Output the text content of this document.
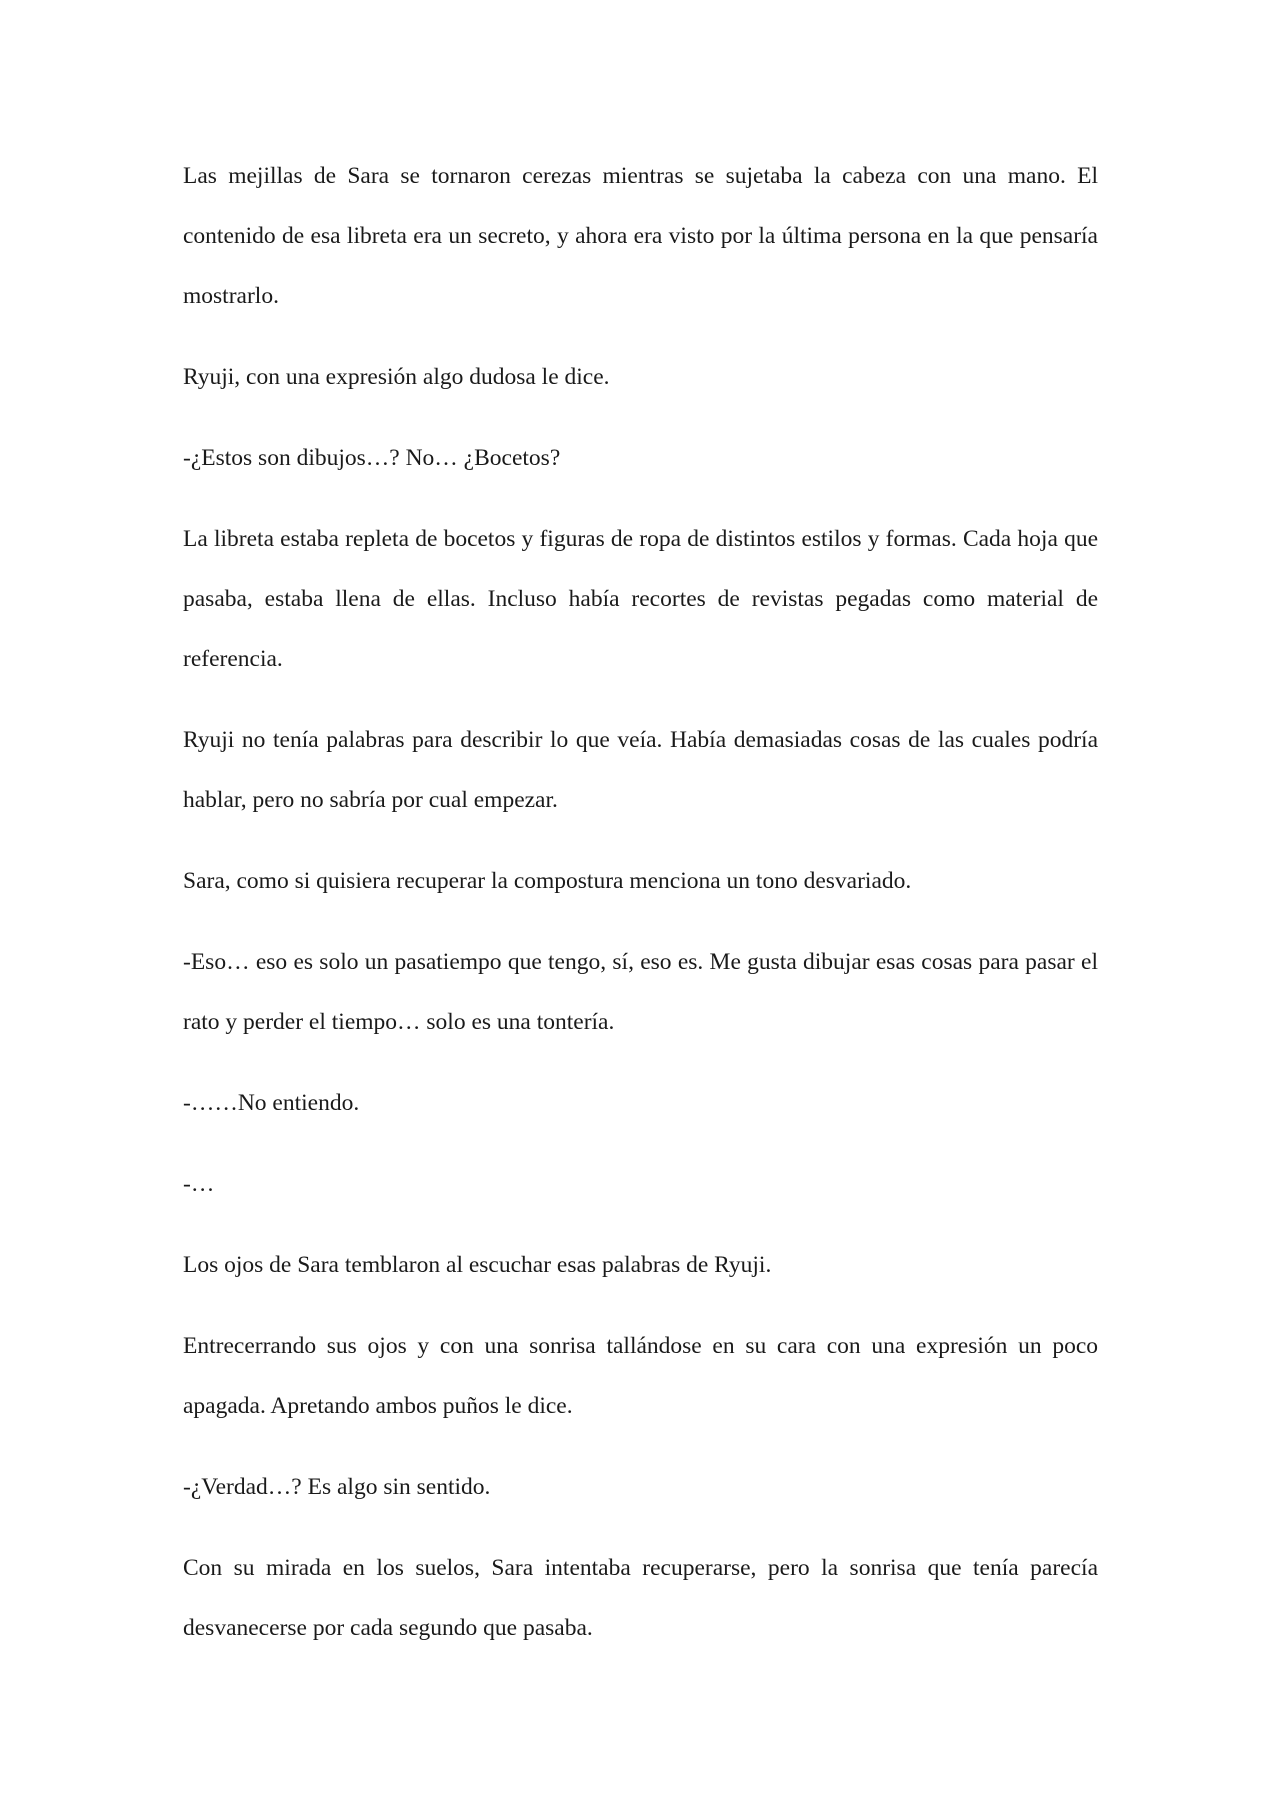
Las mejillas de Sara se tornaron cerezas mientras se sujetaba la cabeza con una mano. El contenido de esa libreta era un secreto, y ahora era visto por la última persona en la que pensaría mostrarlo.

Ryuji, con una expresión algo dudosa le dice.

-¿Estos son dibujos…? No… ¿Bocetos?

La libreta estaba repleta de bocetos y figuras de ropa de distintos estilos y formas. Cada hoja que pasaba, estaba llena de ellas. Incluso había recortes de revistas pegadas como material de referencia.

Ryuji no tenía palabras para describir lo que veía. Había demasiadas cosas de las cuales podría hablar, pero no sabría por cual empezar.

Sara, como si quisiera recuperar la compostura menciona un tono desvariado.

-Eso… eso es solo un pasatiempo que tengo, sí, eso es. Me gusta dibujar esas cosas para pasar el rato y perder el tiempo… solo es una tontería.

-……No entiendo.

-…

Los ojos de Sara temblaron al escuchar esas palabras de Ryuji.

Entrecerrando sus ojos y con una sonrisa tallándose en su cara con una expresión un poco apagada. Apretando ambos puños le dice.

-¿Verdad…? Es algo sin sentido.

Con su mirada en los suelos, Sara intentaba recuperarse, pero la sonrisa que tenía parecía desvanecerse por cada segundo que pasaba.
